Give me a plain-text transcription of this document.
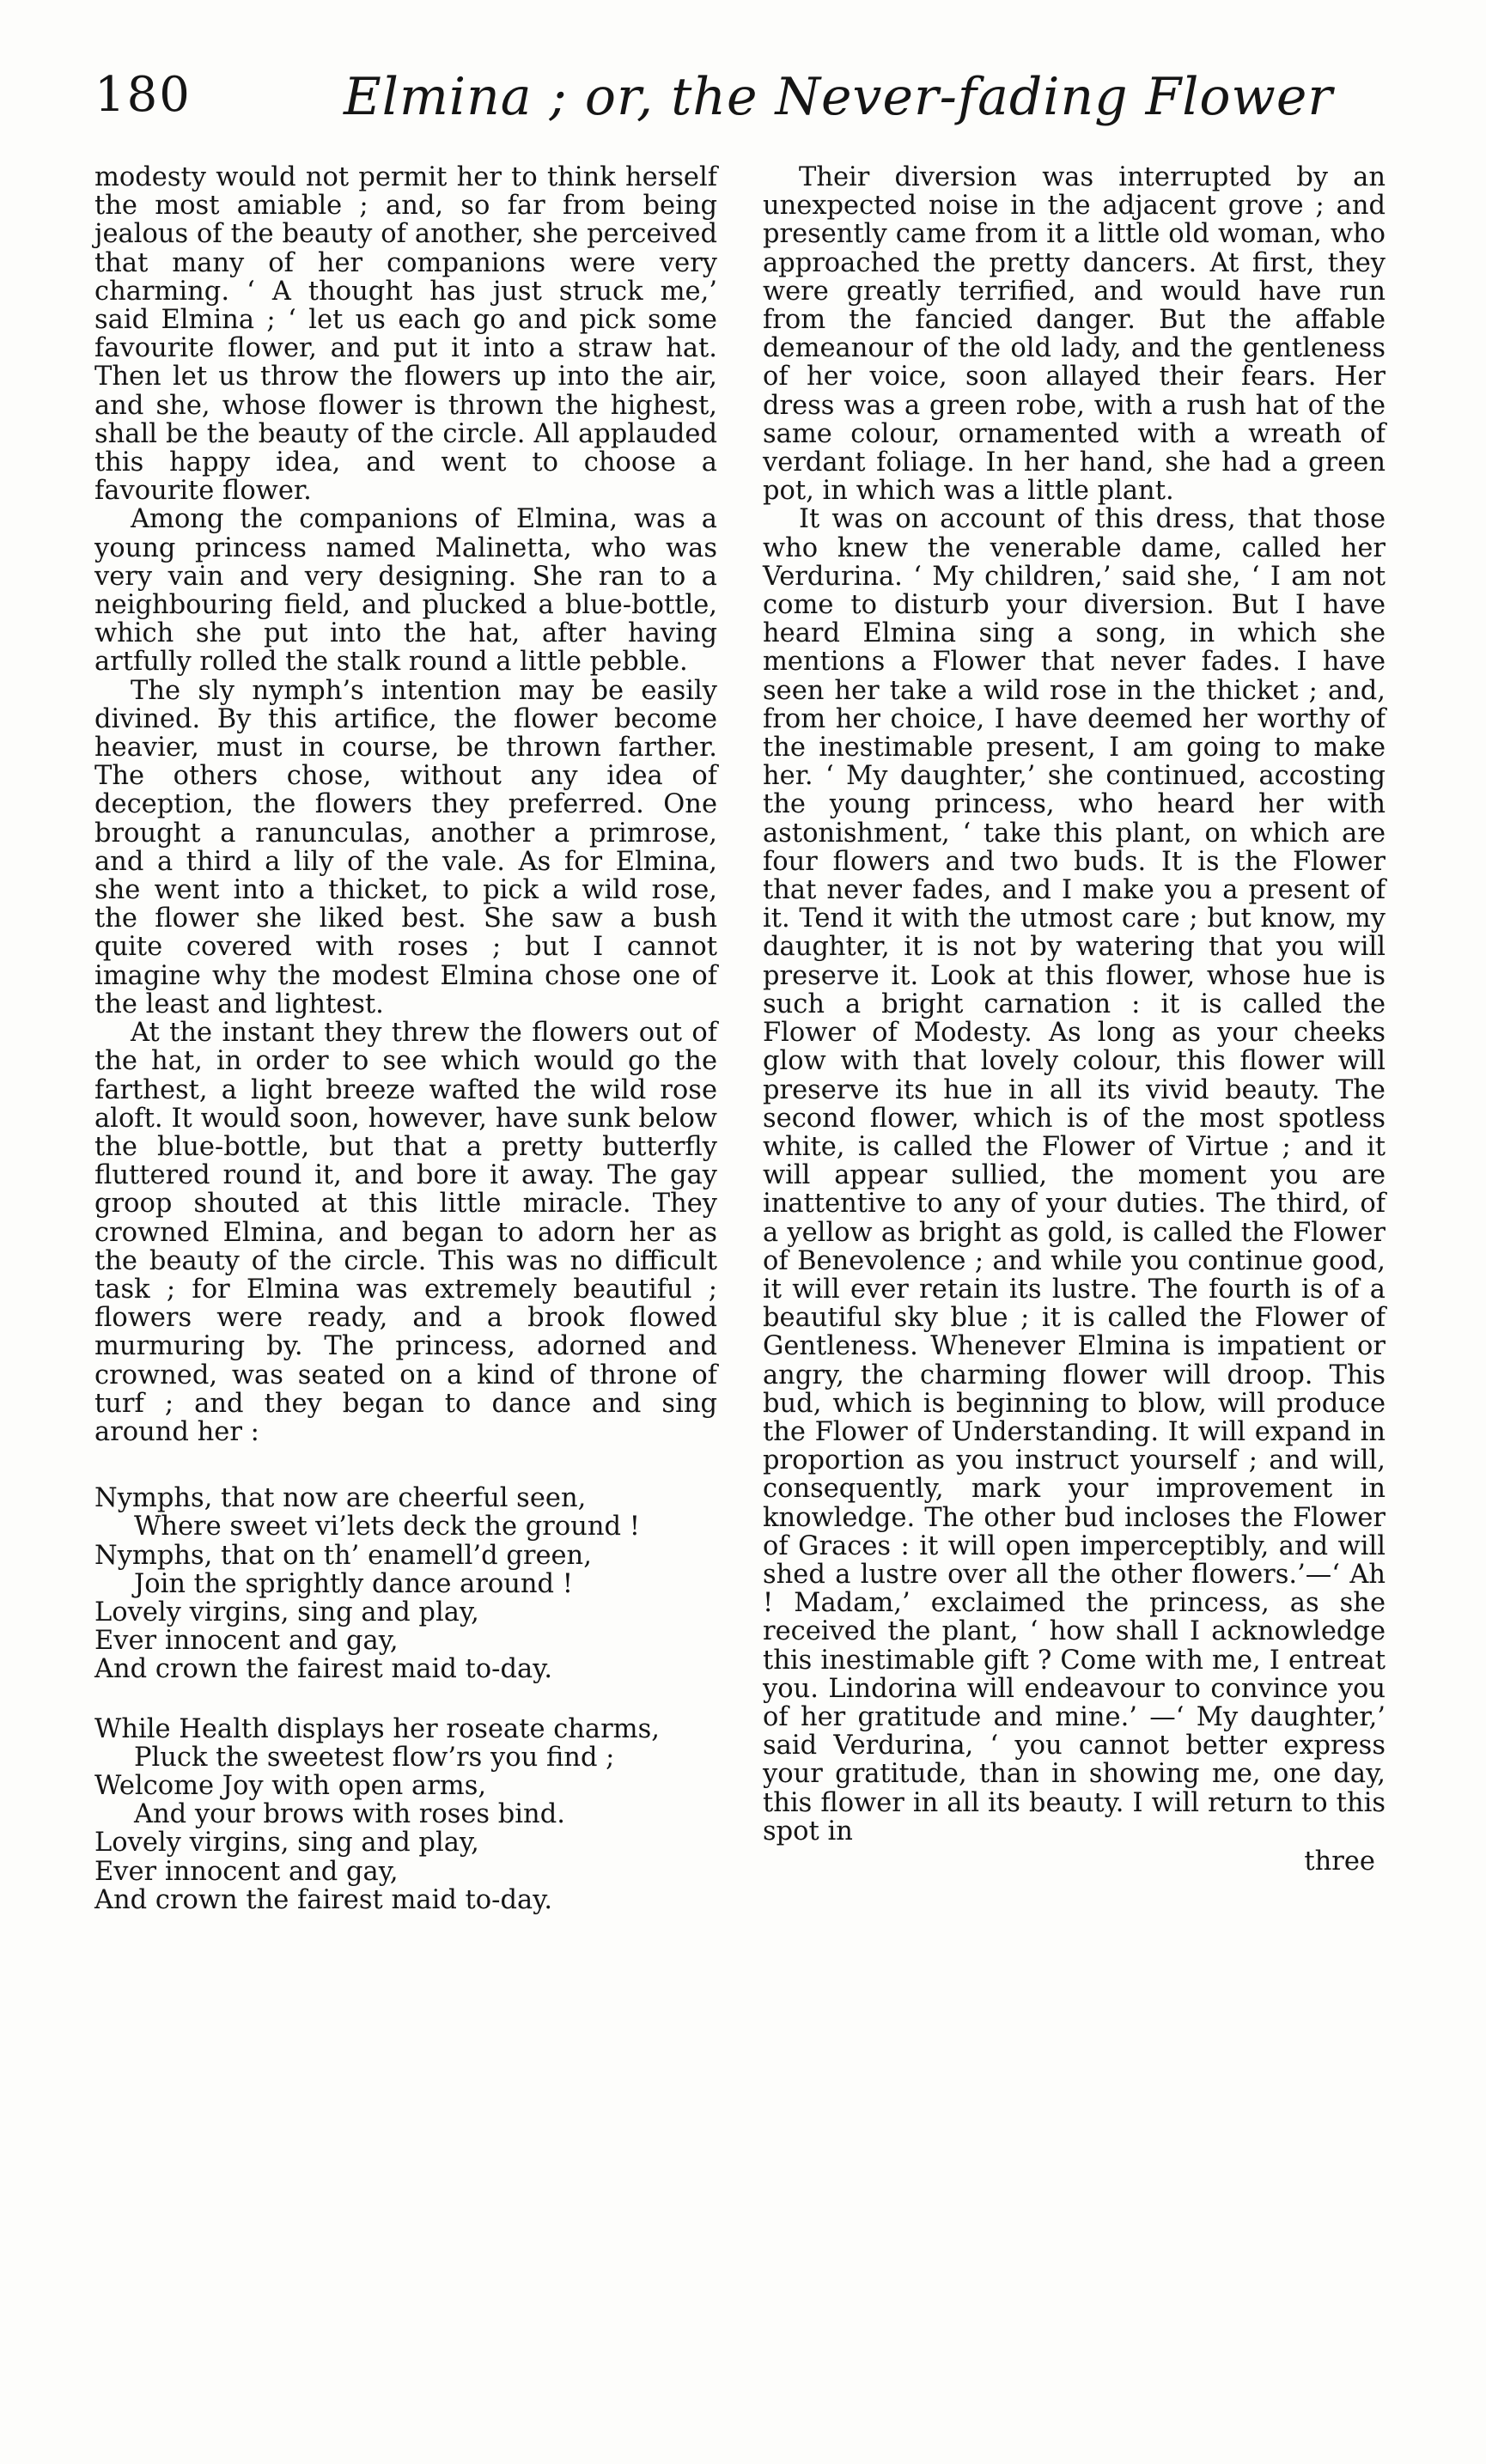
180	Elmina ; or, the Never-fading Flower

modesty would not permit her to think herself the most amiable ; and, so far from being jealous of the beauty of another, she perceived that many of her companions were very charming. ‘ A thought has just struck me,’ said Elmina ; ‘ let us each go and pick some favourite flower, and put it into a straw hat. Then let us throw the flowers up into the air, and she, whose flower is thrown the highest, shall be the beauty of the circle. All applauded this happy idea, and went to choose a favourite flower.

Among the companions of Elmina, was a young princess named Malinetta, who was very vain and very designing. She ran to a neighbouring field, and plucked a blue-bottle, which she put into the hat, after having artfully rolled the stalk round a little pebble.

The sly nymph’s intention may be easily divined. By this artifice, the flower become heavier, must in course, be thrown farther. The others chose, without any idea of deception, the flowers they preferred. One brought a ranunculas, another a primrose, and a third a lily of the vale. As for Elmina, she went into a thicket, to pick a wild rose, the flower she liked best. She saw a bush quite covered with roses ; but I cannot imagine why the modest Elmina chose one of the least and lightest.

At the instant they threw the flowers out of the hat, in order to see which would go the farthest, a light breeze wafted the wild rose aloft. It would soon, however, have sunk below the blue-bottle, but that a pretty butterfly fluttered round it, and bore it away. The gay groop shouted at this little miracle. They crowned Elmina, and began to adorn her as the beauty of the circle. This was no difficult task ; for Elmina was extremely beautiful ; flowers were ready, and a brook flowed murmuring by. The princess, adorned and crowned, was seated on a kind of throne of turf ; and they began to dance and sing around her :

Nymphs, that now are cheerful seen,
Where sweet vi’lets deck the ground !
Nymphs, that on th’ enamell’d green,
Join the sprightly dance around !
Lovely virgins, sing and play,
Ever innocent and gay,
And crown the fairest maid to-day.
While Health displays her roseate charms,
Pluck the sweetest flow’rs you find ;
Welcome Joy with open arms,
And your brows with roses bind.
Lovely virgins, sing and play,
Ever innocent and gay,
And crown the fairest maid to-day.

Their diversion was interrupted by an unexpected noise in the adjacent grove ; and presently came from it a little old woman, who approached the pretty dancers. At first, they were greatly terrified, and would have run from the fancied danger. But the affable demeanour of the old lady, and the gentleness of her voice, soon allayed their fears. Her dress was a green robe, with a rush hat of the same colour, ornamented with a wreath of verdant foliage. In her hand, she had a green pot, in which was a little plant.

It was on account of this dress, that those who knew the venerable dame, called her Verdurina. ‘ My children,’ said she, ‘ I am not come to disturb your diversion. But I have heard Elmina sing a song, in which she mentions a Flower that never fades. I have seen her take a wild rose in the thicket ; and, from her choice, I have deemed her worthy of the inestimable present, I am going to make her. ‘ My daughter,’ she continued, accosting the young princess, who heard her with astonishment, ‘ take this plant, on which are four flowers and two buds. It is the Flower that never fades, and I make you a present of it. Tend it with the utmost care ; but know, my daughter, it is not by watering that you will preserve it. Look at this flower, whose hue is such a bright carnation : it is called the Flower of Modesty. As long as your cheeks glow with that lovely colour, this flower will preserve its hue in all its vivid beauty. The second flower, which is of the most spotless white, is called the Flower of Virtue ; and it will appear sullied, the moment you are inattentive to any of your duties. The third, of a yellow as bright as gold, is called the Flower of Benevolence ; and while you continue good, it will ever retain its lustre. The fourth is of a beautiful sky blue ; it is called the Flower of Gentleness. Whenever Elmina is impatient or angry, the charming flower will droop. This bud, which is beginning to blow, will produce the Flower of Understanding. It will expand in proportion as you instruct yourself ; and will, consequently, mark your improvement in knowledge. The other bud incloses the Flower of Graces : it will open imperceptibly, and will shed a lustre over all the other flowers.’—‘ Ah ! Madam,’ exclaimed the princess, as she received the plant, ‘ how shall I acknowledge this inestimable gift ? Come with me, I entreat you. Lindorina will endeavour to convince you of her gratitude and mine.’ —‘ My daughter,’ said Verdurina, ‘ you cannot better express your gratitude, than in showing me, one day, this flower in all its beauty. I will return to this spot in

three
